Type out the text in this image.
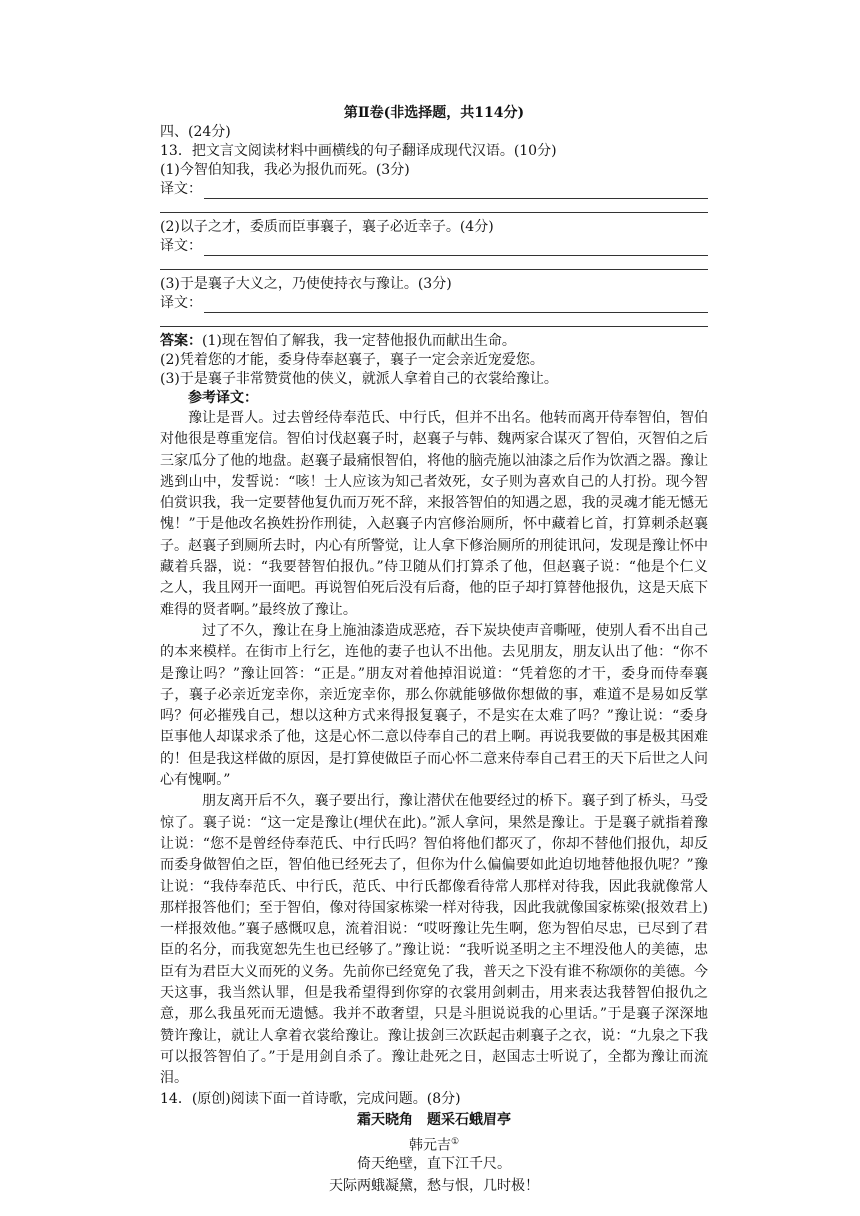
第Ⅱ卷(非选择题，共114分)
四、(24分)
13．把文言文阅读材料中画横线的句子翻译成现代汉语。(10分)
(1)今智伯知我，我必为报仇而死。(3分)
译文：
(2)以子之才，委质而臣事襄子，襄子必近幸子。(4分)
译文：
(3)于是襄子大义之，乃使使持衣与豫让。(3分)
译文：
答案：(1)现在智伯了解我，我一定替他报仇而献出生命。
(2)凭着您的才能，委身侍奉赵襄子，襄子一定会亲近宠爱您。
(3)于是襄子非常赞赏他的侠义，就派人拿着自己的衣裳给豫让。
参考译文：

豫让是晋人。过去曾经侍奉范氏、中行氏，但并不出名。他转而离开侍奉智伯，智伯对他很是尊重宠信。智伯讨伐赵襄子时，赵襄子与韩、魏两家合谋灭了智伯，灭智伯之后三家瓜分了他的地盘。赵襄子最痛恨智伯，将他的脑壳施以油漆之后作为饮酒之器。豫让逃到山中，发誓说：“咳！士人应该为知己者效死，女子则为喜欢自己的人打扮。现今智伯赏识我，我一定要替他复仇而万死不辞，来报答智伯的知遇之恩，我的灵魂才能无憾无愧！”于是他改名换姓扮作刑徒，入赵襄子内宫修治厕所，怀中藏着匕首，打算刺杀赵襄子。赵襄子到厕所去时，内心有所警觉，让人拿下修治厕所的刑徒讯问，发现是豫让怀中藏着兵器，说：“我要替智伯报仇。”侍卫随从们打算杀了他，但赵襄子说：“他是个仁义之人，我且网开一面吧。再说智伯死后没有后裔，他的臣子却打算替他报仇，这是天底下难得的贤者啊。”最终放了豫让。

过了不久，豫让在身上施油漆造成恶疮，吞下炭块使声音嘶哑，使别人看不出自己的本来模样。在街市上行乞，连他的妻子也认不出他。去见朋友，朋友认出了他：“你不是豫让吗？”豫让回答：“正是。”朋友对着他掉泪说道：“凭着您的才干，委身而侍奉襄子，襄子必亲近宠幸你，亲近宠幸你，那么你就能够做你想做的事，难道不是易如反掌吗？何必摧残自己，想以这种方式来得报复襄子，不是实在太难了吗？”豫让说：“委身臣事他人却谋求杀了他，这是心怀二意以侍奉自己的君上啊。再说我要做的事是极其困难的！但是我这样做的原因，是打算使做臣子而心怀二意来侍奉自己君王的天下后世之人问心有愧啊。”

朋友离开后不久，襄子要出行，豫让潜伏在他要经过的桥下。襄子到了桥头，马受惊了。襄子说：“这一定是豫让(埋伏在此)。”派人拿问，果然是豫让。于是襄子就指着豫让说：“您不是曾经侍奉范氏、中行氏吗？智伯将他们都灭了，你却不替他们报仇，却反而委身做智伯之臣，智伯他已经死去了，但你为什么偏偏要如此迫切地替他报仇呢？”豫让说：“我侍奉范氏、中行氏，范氏、中行氏都像看待常人那样对待我，因此我就像常人那样报答他们；至于智伯，像对待国家栋梁一样对待我，因此我就像国家栋梁(报效君上)一样报效他。”襄子感慨叹息，流着泪说：“哎呀豫让先生啊，您为智伯尽忠，已尽到了君臣的名分，而我宽恕先生也已经够了。”豫让说：“我听说圣明之主不埋没他人的美德，忠臣有为君臣大义而死的义务。先前你已经宽免了我，普天之下没有谁不称颂你的美德。今天这事，我当然认罪，但是我希望得到你穿的衣裳用剑刺击，用来表达我替智伯报仇之意，那么我虽死而无遗憾。我并不敢奢望，只是斗胆说说我的心里话。”于是襄子深深地赞许豫让，就让人拿着衣裳给豫让。豫让拔剑三次跃起击刺襄子之衣，说：“九泉之下我可以报答智伯了。”于是用剑自杀了。豫让赴死之日，赵国志士听说了，全都为豫让而流泪。

14．(原创)阅读下面一首诗歌，完成问题。(8分)
霜天晓角 题采石蛾眉亭
韩元吉①
倚天绝壁，直下江千尺。
天际两蛾凝黛，愁与恨，几时极！
